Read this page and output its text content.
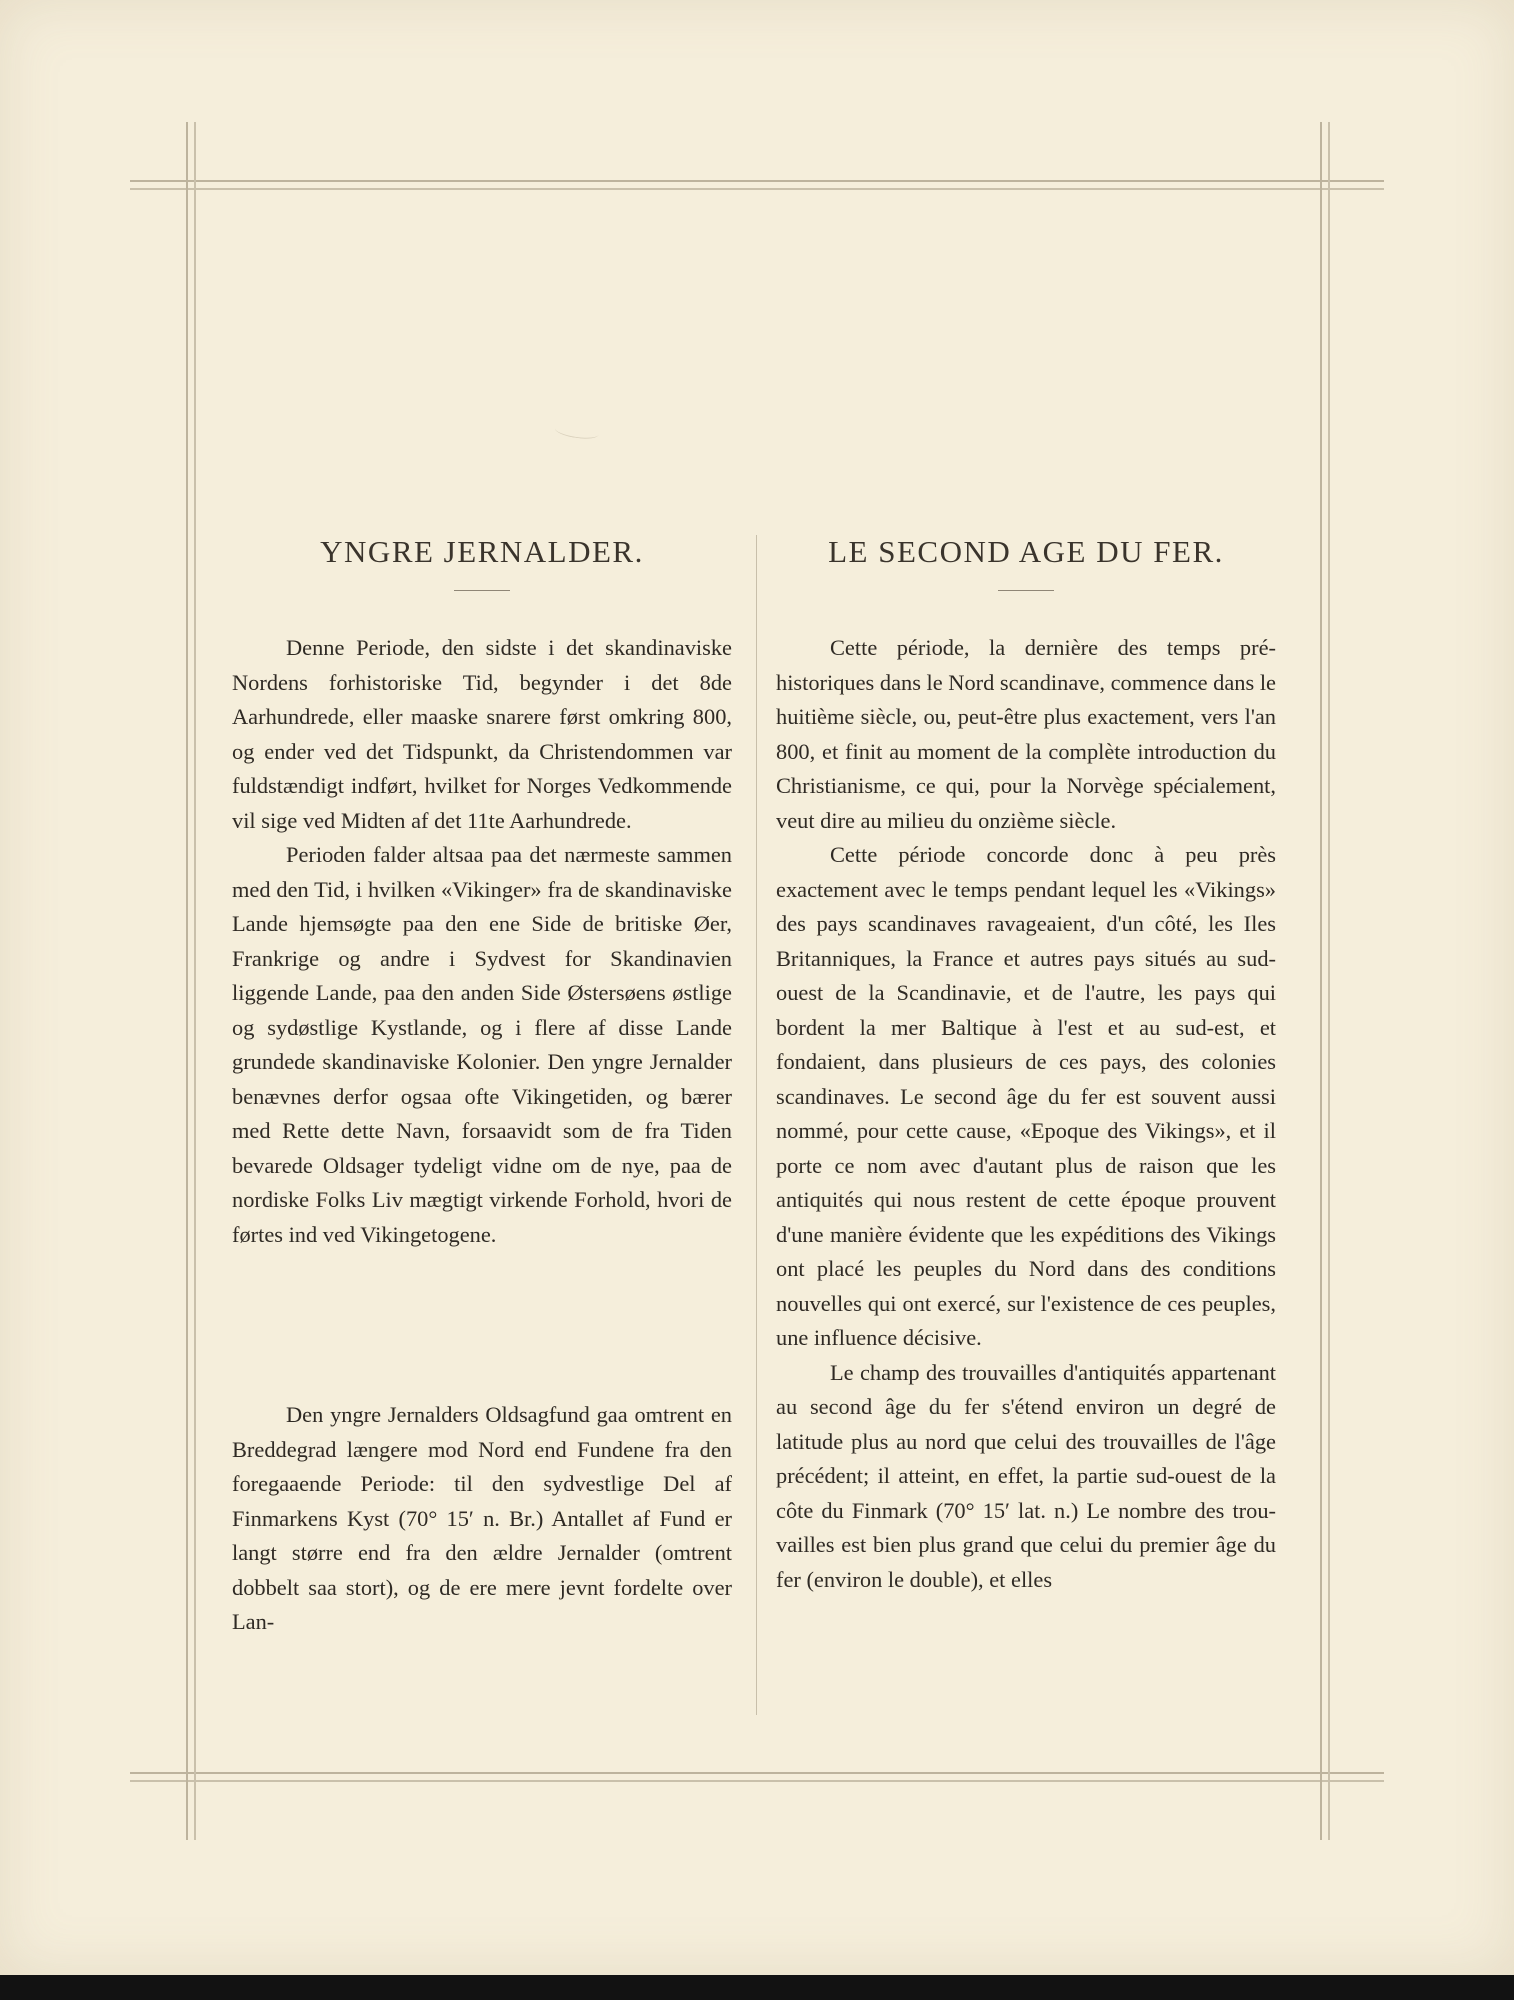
YNGRE JERNALDER.

Denne Periode, den sidste i det skandinaviske Nordens forhistoriske Tid, begynder i det 8de Aarhundrede, eller maaske snarere først omkring 800, og ender ved det Tidspunkt, da Christendommen var fuldstændigt indført, hvilket for Norges Vedkommende vil sige ved Midten af det 11te Aarhundrede.

Perioden falder altsaa paa det nærmeste sammen med den Tid, i hvilken «Vikinger» fra de skandinaviske Lande hjemsøgte paa den ene Side de britiske Øer, Frankrige og andre i Sydvest for Skandinavien liggende Lande, paa den anden Side Østersøens østlige og sydøstlige Kystlande, og i flere af disse Lande grundede skandinaviske Kolonier. Den yngre Jernalder benævnes derfor ogsaa ofte Vikingetiden, og bærer med Rette dette Navn, forsaavidt som de fra Tiden bevarede Oldsager tydeligt vidne om de nye, paa de nordiske Folks Liv mægtigt virkende Forhold, hvori de førtes ind ved Vikingetogene.

Den yngre Jernalders Oldsagfund gaa omtrent en Breddegrad længere mod Nord end Fundene fra den foregaaende Periode: til den sydvestlige Del af Finmarkens Kyst (70° 15′ n. Br.) Antallet af Fund er langt større end fra den ældre Jernalder (omtrent dobbelt saa stort), og de ere mere jevnt fordelte over Lan-

LE SECOND AGE DU FER.

Cette période, la dernière des temps préhistoriques dans le Nord scandinave, commence dans le huitième siècle, ou, peut-être plus exactement, vers l'an 800, et finit au moment de la complète introduction du Christianisme, ce qui, pour la Norvège spécialement, veut dire au milieu du onzième siècle.

Cette période concorde donc à peu près exactement avec le temps pendant lequel les «Vikings» des pays scandinaves ravageaient, d'un côté, les Iles Britanniques, la France et autres pays situés au sud-ouest de la Scandinavie, et de l'autre, les pays qui bordent la mer Baltique à l'est et au sud-est, et fondaient, dans plusieurs de ces pays, des colonies scandinaves. Le second âge du fer est souvent aussi nommé, pour cette cause, «Epoque des Vikings», et il porte ce nom avec d'autant plus de raison que les antiquités qui nous restent de cette époque prouvent d'une manière évidente que les expéditions des Vikings ont placé les peuples du Nord dans des conditions nouvelles qui ont exercé, sur l'existence de ces peuples, une influence décisive.

Le champ des trouvailles d'antiquités appartenant au second âge du fer s'étend environ un degré de latitude plus au nord que celui des trouvailles de l'âge précédent; il atteint, en effet, la partie sud-ouest de la côte du Finmark (70° 15′ lat. n.) Le nombre des trouvailles est bien plus grand que celui du premier âge du fer (environ le double), et elles
